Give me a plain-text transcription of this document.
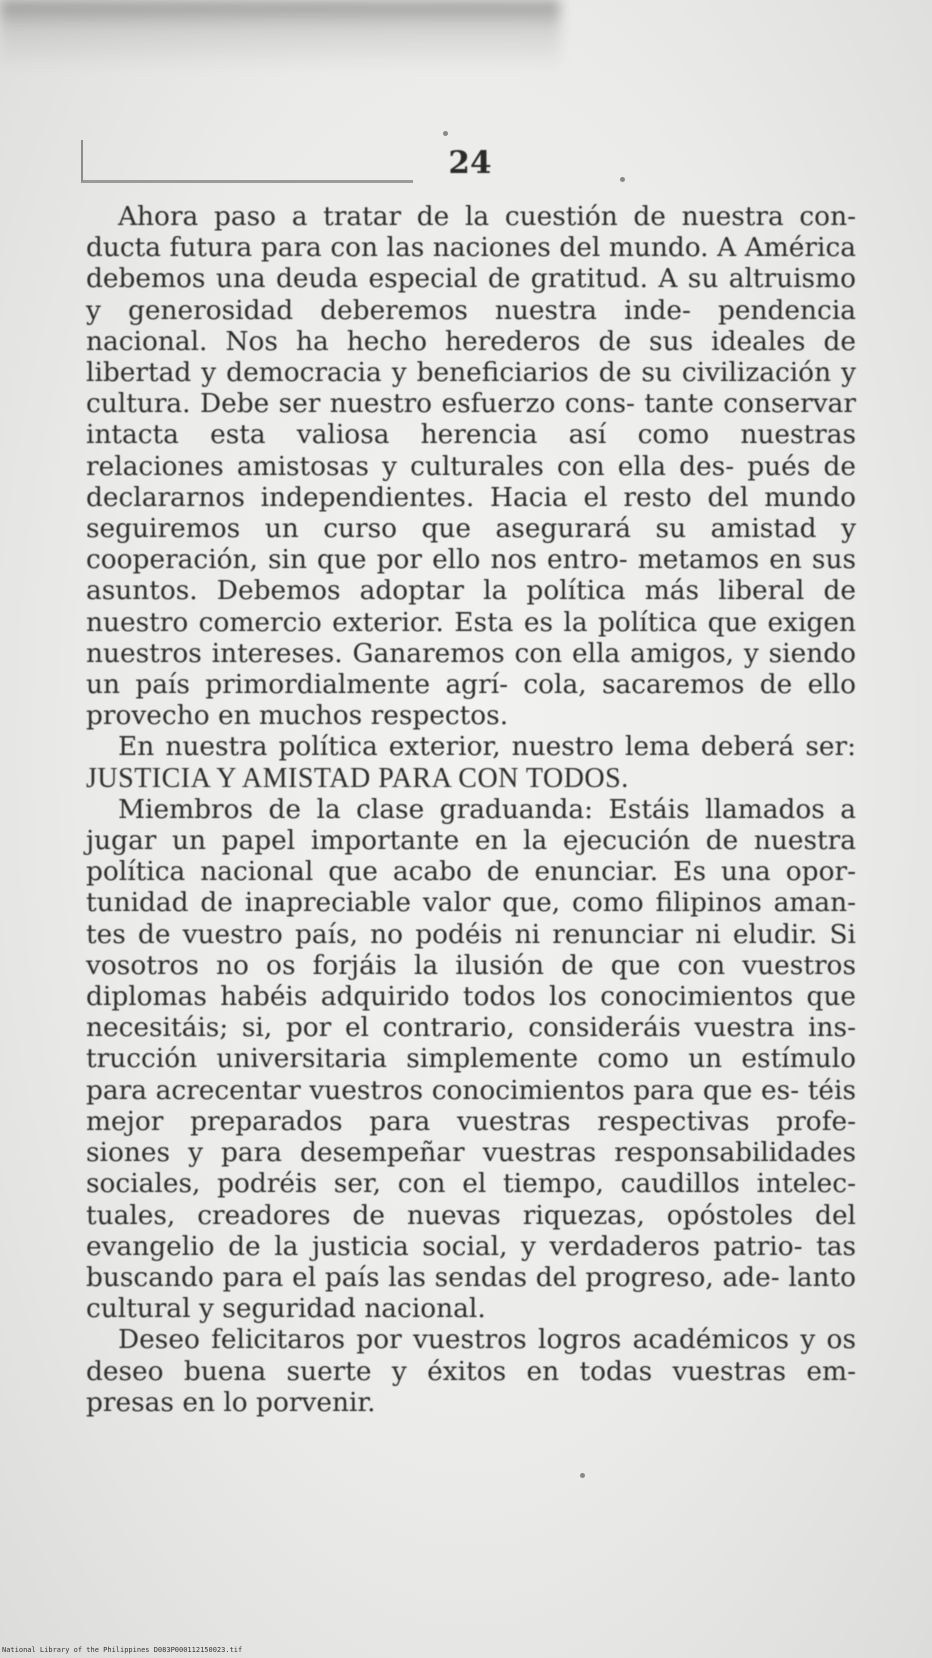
24

Ahora paso a tratar de la cuestión de nuestra con- ducta futura para con las naciones del mundo. A América debemos una deuda especial de gratitud. A su altruismo y generosidad deberemos nuestra inde- pendencia nacional. Nos ha hecho herederos de sus ideales de libertad y democracia y beneficiarios de su civilización y cultura. Debe ser nuestro esfuerzo cons- tante conservar intacta esta valiosa herencia así como nuestras relaciones amistosas y culturales con ella des- pués de declararnos independientes. Hacia el resto del mundo seguiremos un curso que asegurará su amistad y cooperación, sin que por ello nos entro- metamos en sus asuntos. Debemos adoptar la política más liberal de nuestro comercio exterior. Esta es la política que exigen nuestros intereses. Ganaremos con ella amigos, y siendo un país primordialmente agrí- cola, sacaremos de ello provecho en muchos respectos.

En nuestra política exterior, nuestro lema deberá ser: JUSTICIA Y AMISTAD PARA CON TODOS.

Miembros de la clase graduanda: Estáis llamados a jugar un papel importante en la ejecución de nuestra política nacional que acabo de enunciar. Es una opor- tunidad de inapreciable valor que, como filipinos aman- tes de vuestro país, no podéis ni renunciar ni eludir. Si vosotros no os forjáis la ilusión de que con vuestros diplomas habéis adquirido todos los conocimientos que necesitáis; si, por el contrario, consideráis vuestra ins- trucción universitaria simplemente como un estímulo para acrecentar vuestros conocimientos para que es- téis mejor preparados para vuestras respectivas profe- siones y para desempeñar vuestras responsabilidades sociales, podréis ser, con el tiempo, caudillos intelec- tuales, creadores de nuevas riquezas, opóstoles del evangelio de la justicia social, y verdaderos patrio- tas buscando para el país las sendas del progreso, ade- lanto cultural y seguridad nacional.

Deseo felicitaros por vuestros logros académicos y os deseo buena suerte y éxitos en todas vuestras em- presas en lo porvenir.

National Library of the Philippines D083P000112150023.tif
